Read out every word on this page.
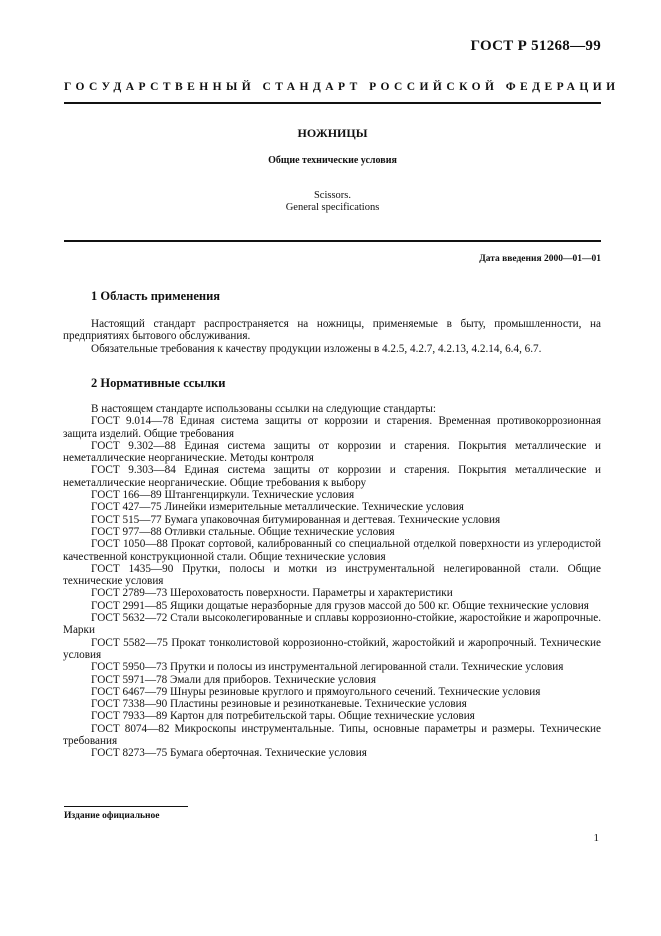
ГОСТ Р 51268—99
ГОСУДАРСТВЕННЫЙ СТАНДАРТ РОССИЙСКОЙ ФЕДЕРАЦИИ
НОЖНИЦЫ
Общие технические условия
Scissors.
General specifications
Дата введения 2000—01—01
1 Область применения

Настоящий стандарт распространяется на ножницы, применяемые в быту, промышленности, на предприятиях бытового обслуживания.

Обязательные требования к качеству продукции изложены в 4.2.5, 4.2.7, 4.2.13, 4.2.14, 6.4, 6.7.

2 Нормативные ссылки

В настоящем стандарте использованы ссылки на следующие стандарты:

ГОСТ 9.014—78 Единая система защиты от коррозии и старения. Временная противокоррозионная защита изделий. Общие требования

ГОСТ 9.302—88 Единая система защиты от коррозии и старения. Покрытия металлические и неметаллические неорганические. Методы контроля

ГОСТ 9.303—84 Единая система защиты от коррозии и старения. Покрытия металлические и неметаллические неорганические. Общие требования к выбору

ГОСТ 166—89 Штангенциркули. Технические условия

ГОСТ 427—75 Линейки измерительные металлические. Технические условия

ГОСТ 515—77 Бумага упаковочная битумированная и дегтевая. Технические условия

ГОСТ 977—88 Отливки стальные. Общие технические условия

ГОСТ 1050—88 Прокат сортовой, калиброванный со специальной отделкой поверхности из углеродистой качественной конструкционной стали. Общие технические условия

ГОСТ 1435—90 Прутки, полосы и мотки из инструментальной нелегированной стали. Общие технические условия

ГОСТ 2789—73 Шероховатость поверхности. Параметры и характеристики

ГОСТ 2991—85 Ящики дощатые неразборные для грузов массой до 500 кг. Общие технические условия

ГОСТ 5632—72 Стали высоколегированные и сплавы коррозионно-стойкие, жаростойкие и жаропрочные. Марки

ГОСТ 5582—75 Прокат тонколистовой коррозионно-стойкий, жаростойкий и жаропрочный. Технические условия

ГОСТ 5950—73 Прутки и полосы из инструментальной легированной стали. Технические условия

ГОСТ 5971—78 Эмали для приборов. Технические условия

ГОСТ 6467—79 Шнуры резиновые круглого и прямоугольного сечений. Технические условия

ГОСТ 7338—90 Пластины резиновые и резинотканевые. Технические условия

ГОСТ 7933—89 Картон для потребительской тары. Общие технические условия

ГОСТ 8074—82 Микроскопы инструментальные. Типы, основные параметры и размеры. Технические требования

ГОСТ 8273—75 Бумага оберточная. Технические условия

Издание официальное
1
